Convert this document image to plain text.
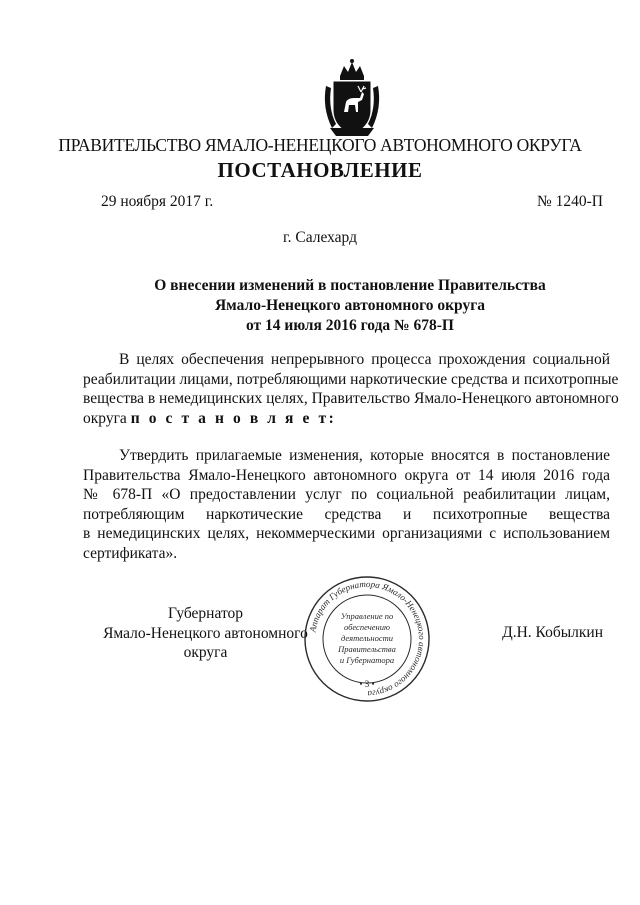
ПРАВИТЕЛЬСТВО ЯМАЛО-НЕНЕЦКОГО АВТОНОМНОГО ОКРУГА
ПОСТАНОВЛЕНИЕ
29 ноября 2017 г.	№ 1240-П
г. Салехард
О внесении изменений в постановление Правительства
Ямало-Ненецкого автономного округа
от 14 июля 2016 года № 678-П
В целях обеспечения непрерывного процесса прохождения социальной
реабилитации лицами, потребляющими наркотические средства и психотропные
вещества в немедицинских целях, Правительство Ямало-Ненецкого автономного
округа п о с т а н о в л я е т:
Утвердить прилагаемые изменения, которые вносятся в постановление
Правительства Ямало-Ненецкого автономного округа от 14 июля 2016 года
№ 678-П «О предоставлении услуг по социальной реабилитации лицам,
потребляющим наркотические средства и психотропные вещества
в немедицинских целях, некоммерческими организациями с использованием
сертификата».
Губернатор
Ямало-Ненецкого автономного округа
Аппарат Губернатора Ямало-Ненецкого автономного округа
Управление по
обеспечению
деятельности
Правительства
и Губернатора
• 3 •
Д.Н. Кобылкин
